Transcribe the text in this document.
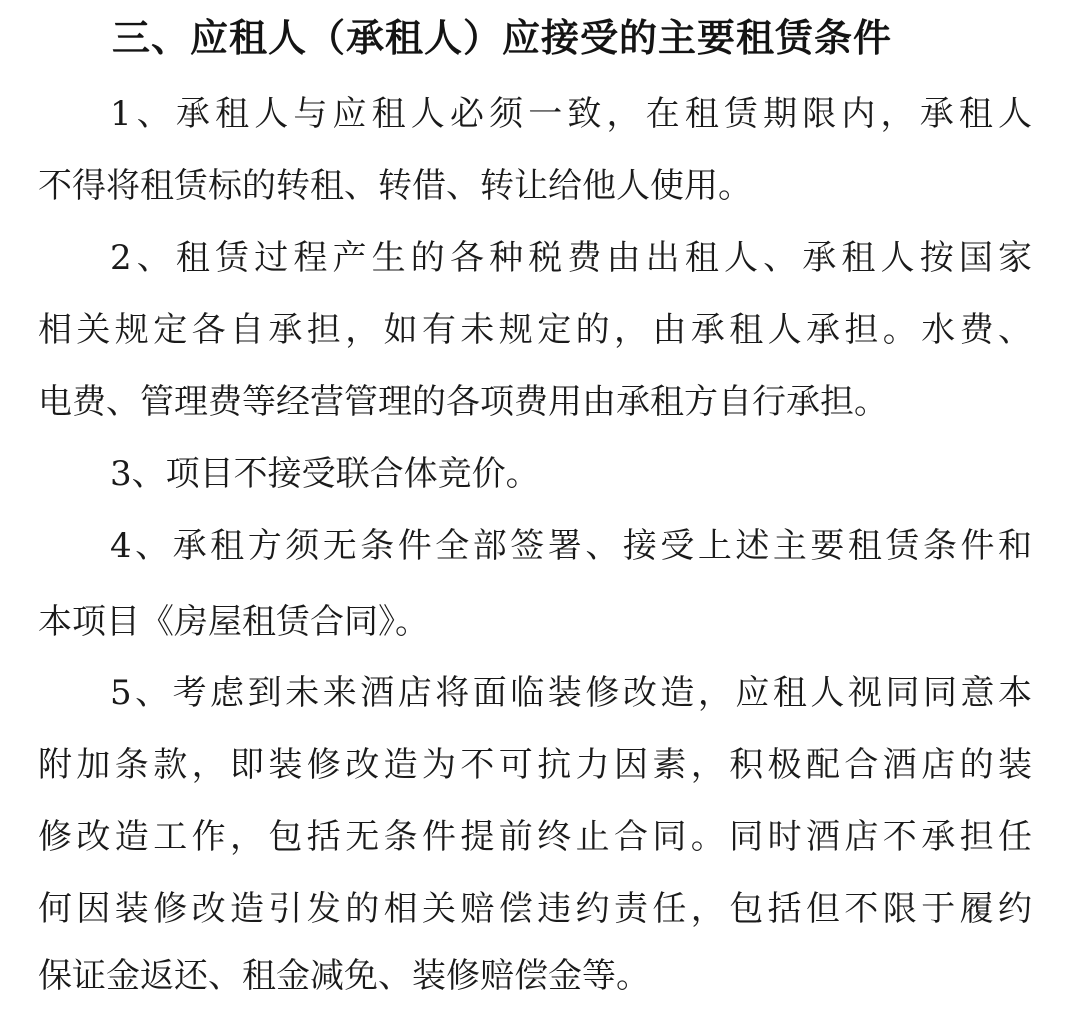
三、应租人（承租人）应接受的主要租赁条件
1、承租人与应租人必须一致，在租赁期限内，承租人
不得将租赁标的转租、转借、转让给他人使用。
2、租赁过程产生的各种税费由出租人、承租人按国家
相关规定各自承担，如有未规定的，由承租人承担。水费、
电费、管理费等经营管理的各项费用由承租方自行承担。
3、项目不接受联合体竞价。
4、承租方须无条件全部签署、接受上述主要租赁条件和
本项目《房屋租赁合同》。
5、考虑到未来酒店将面临装修改造，应租人视同同意本
附加条款，即装修改造为不可抗力因素，积极配合酒店的装
修改造工作，包括无条件提前终止合同。同时酒店不承担任
何因装修改造引发的相关赔偿违约责任，包括但不限于履约
保证金返还、租金减免、装修赔偿金等。
